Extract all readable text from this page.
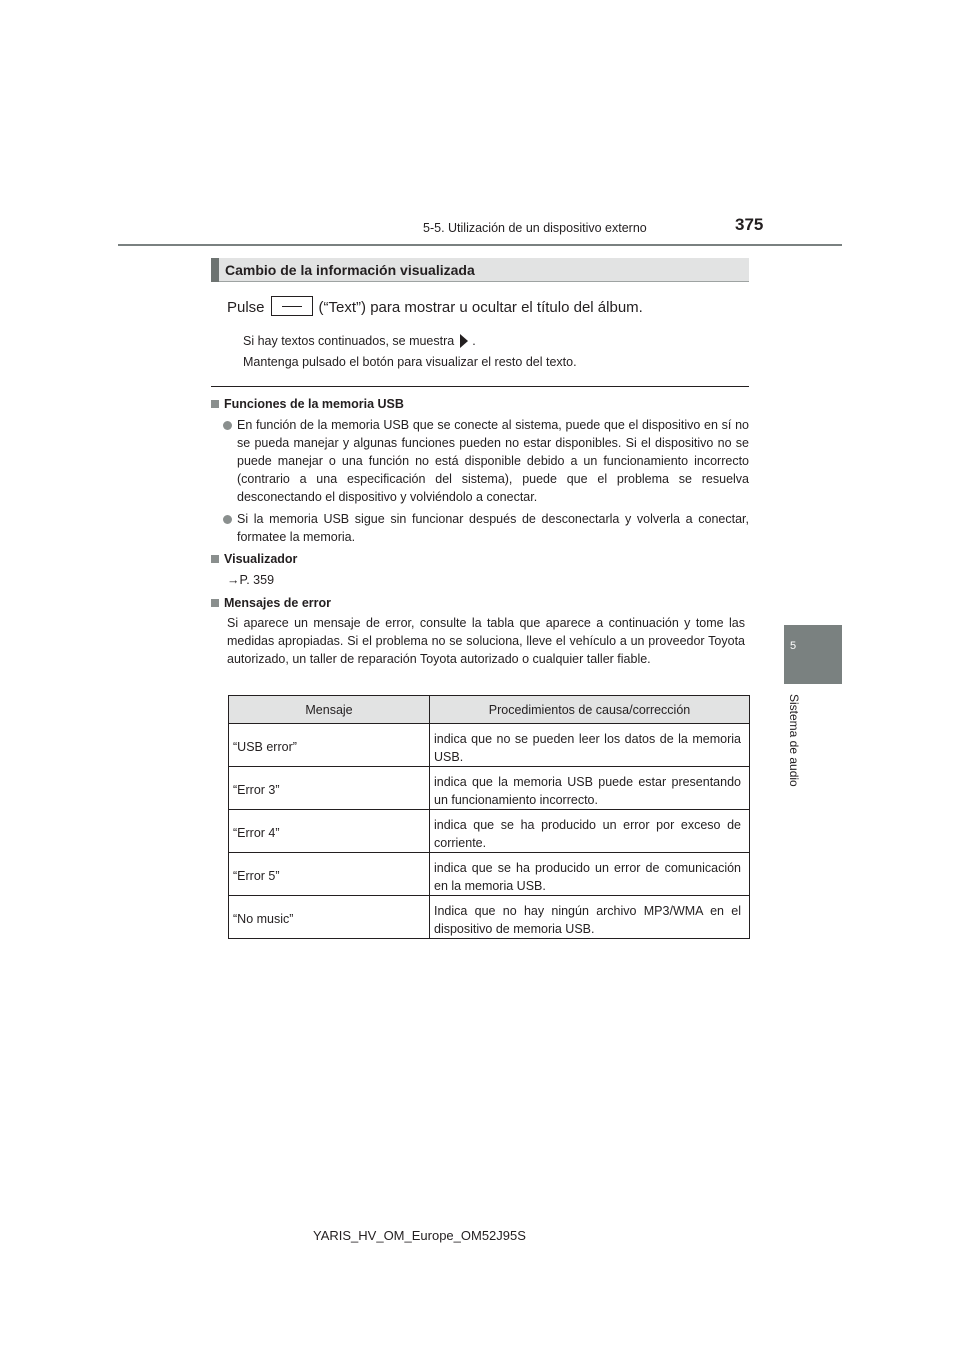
5-5. Utilización de un dispositivo externo	375
5
Sistema de audio
Cambio de la información visualizada
Pulse	(“Text”) para mostrar u ocultar el título del álbum.
Si hay textos continuados, se muestra .
Mantenga pulsado el botón para visualizar el resto del texto.
Funciones de la memoria USB
En función de la memoria USB que se conecte al sistema, puede que el dispositivo en sí no se pueda manejar y algunas funciones pueden no estar disponibles. Si el dispositivo no se puede manejar o una función no está disponible debido a un funcionamiento incorrecto (contrario a una especificación del sistema), puede que el problema se resuelva desconectando el dispositivo y volviéndolo a conectar.
Si la memoria USB sigue sin funcionar después de desconectarla y volverla a conectar, formatee la memoria.
Visualizador
→P. 359
Mensajes de error
Si aparece un mensaje de error, consulte la tabla que aparece a continuación y tome las medidas apropiadas. Si el problema no se soluciona, lleve el vehículo a un proveedor Toyota autorizado, un taller de reparación Toyota autorizado o cualquier taller fiable.
Mensaje	Procedimientos de causa/corrección
“USB error”	indica que no se pueden leer los datos de la memoria USB.
“Error 3”	indica que la memoria USB puede estar presentando un funcionamiento incorrecto.
“Error 4”	indica que se ha producido un error por exceso de corriente.
“Error 5”	indica que se ha producido un error de comunicación en la memoria USB.
“No music”	Indica que no hay ningún archivo MP3/WMA en el dispositivo de memoria USB.
YARIS_HV_OM_Europe_OM52J95S
